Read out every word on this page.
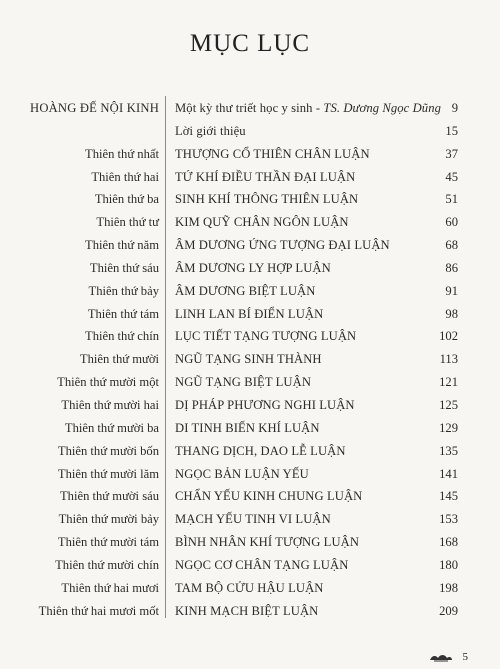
MỤC LỤC
HOÀNG ĐẾ NỘI KINH Một kỳ thư triết học y sinh - TS. Dương Ngọc Dũng 9
Lời giới thiệu	15
Thiên thứ nhất THƯỢNG CỔ THIÊN CHÂN LUẬN	37
Thiên thứ hai TỨ KHÍ ĐIỀU THẦN ĐẠI LUẬN	45
Thiên thứ ba SINH KHÍ THÔNG THIÊN LUẬN	51
Thiên thứ tư KIM QUỸ CHÂN NGÔN LUẬN	60
Thiên thứ năm ÂM DƯƠNG ỨNG TƯỢNG ĐẠI LUẬN	68
Thiên thứ sáu ÂM DƯƠNG LY HỢP LUẬN	86
Thiên thứ bảy ÂM DƯƠNG BIỆT LUẬN	91
Thiên thứ tám LINH LAN BÍ ĐIỂN LUẬN	98
Thiên thứ chín LỤC TIẾT TẠNG TƯỢNG LUẬN	102
Thiên thứ mười NGŨ TẠNG SINH THÀNH	113
Thiên thứ mười một NGŨ TẠNG BIỆT LUẬN	121
Thiên thứ mười hai DỊ PHÁP PHƯƠNG NGHI LUẬN	125
Thiên thứ mười ba DI TINH BIẾN KHÍ LUẬN	129
Thiên thứ mười bốn THANG DỊCH, DAO LỄ LUẬN	135
Thiên thứ mười lăm NGỌC BẢN LUẬN YẾU	141
Thiên thứ mười sáu CHẨN YẾU KINH CHUNG LUẬN	145
Thiên thứ mười bảy MẠCH YẾU TINH VI LUẬN	153
Thiên thứ mười tám BÌNH NHÂN KHÍ TƯỢNG LUẬN	168
Thiên thứ mười chín NGỌC CƠ CHÂN TẠNG LUẬN	180
Thiên thứ hai mươi TAM BỘ CỬU HẬU LUẬN	198
Thiên thứ hai mươi mốt KINH MẠCH BIỆT LUẬN	209
5
